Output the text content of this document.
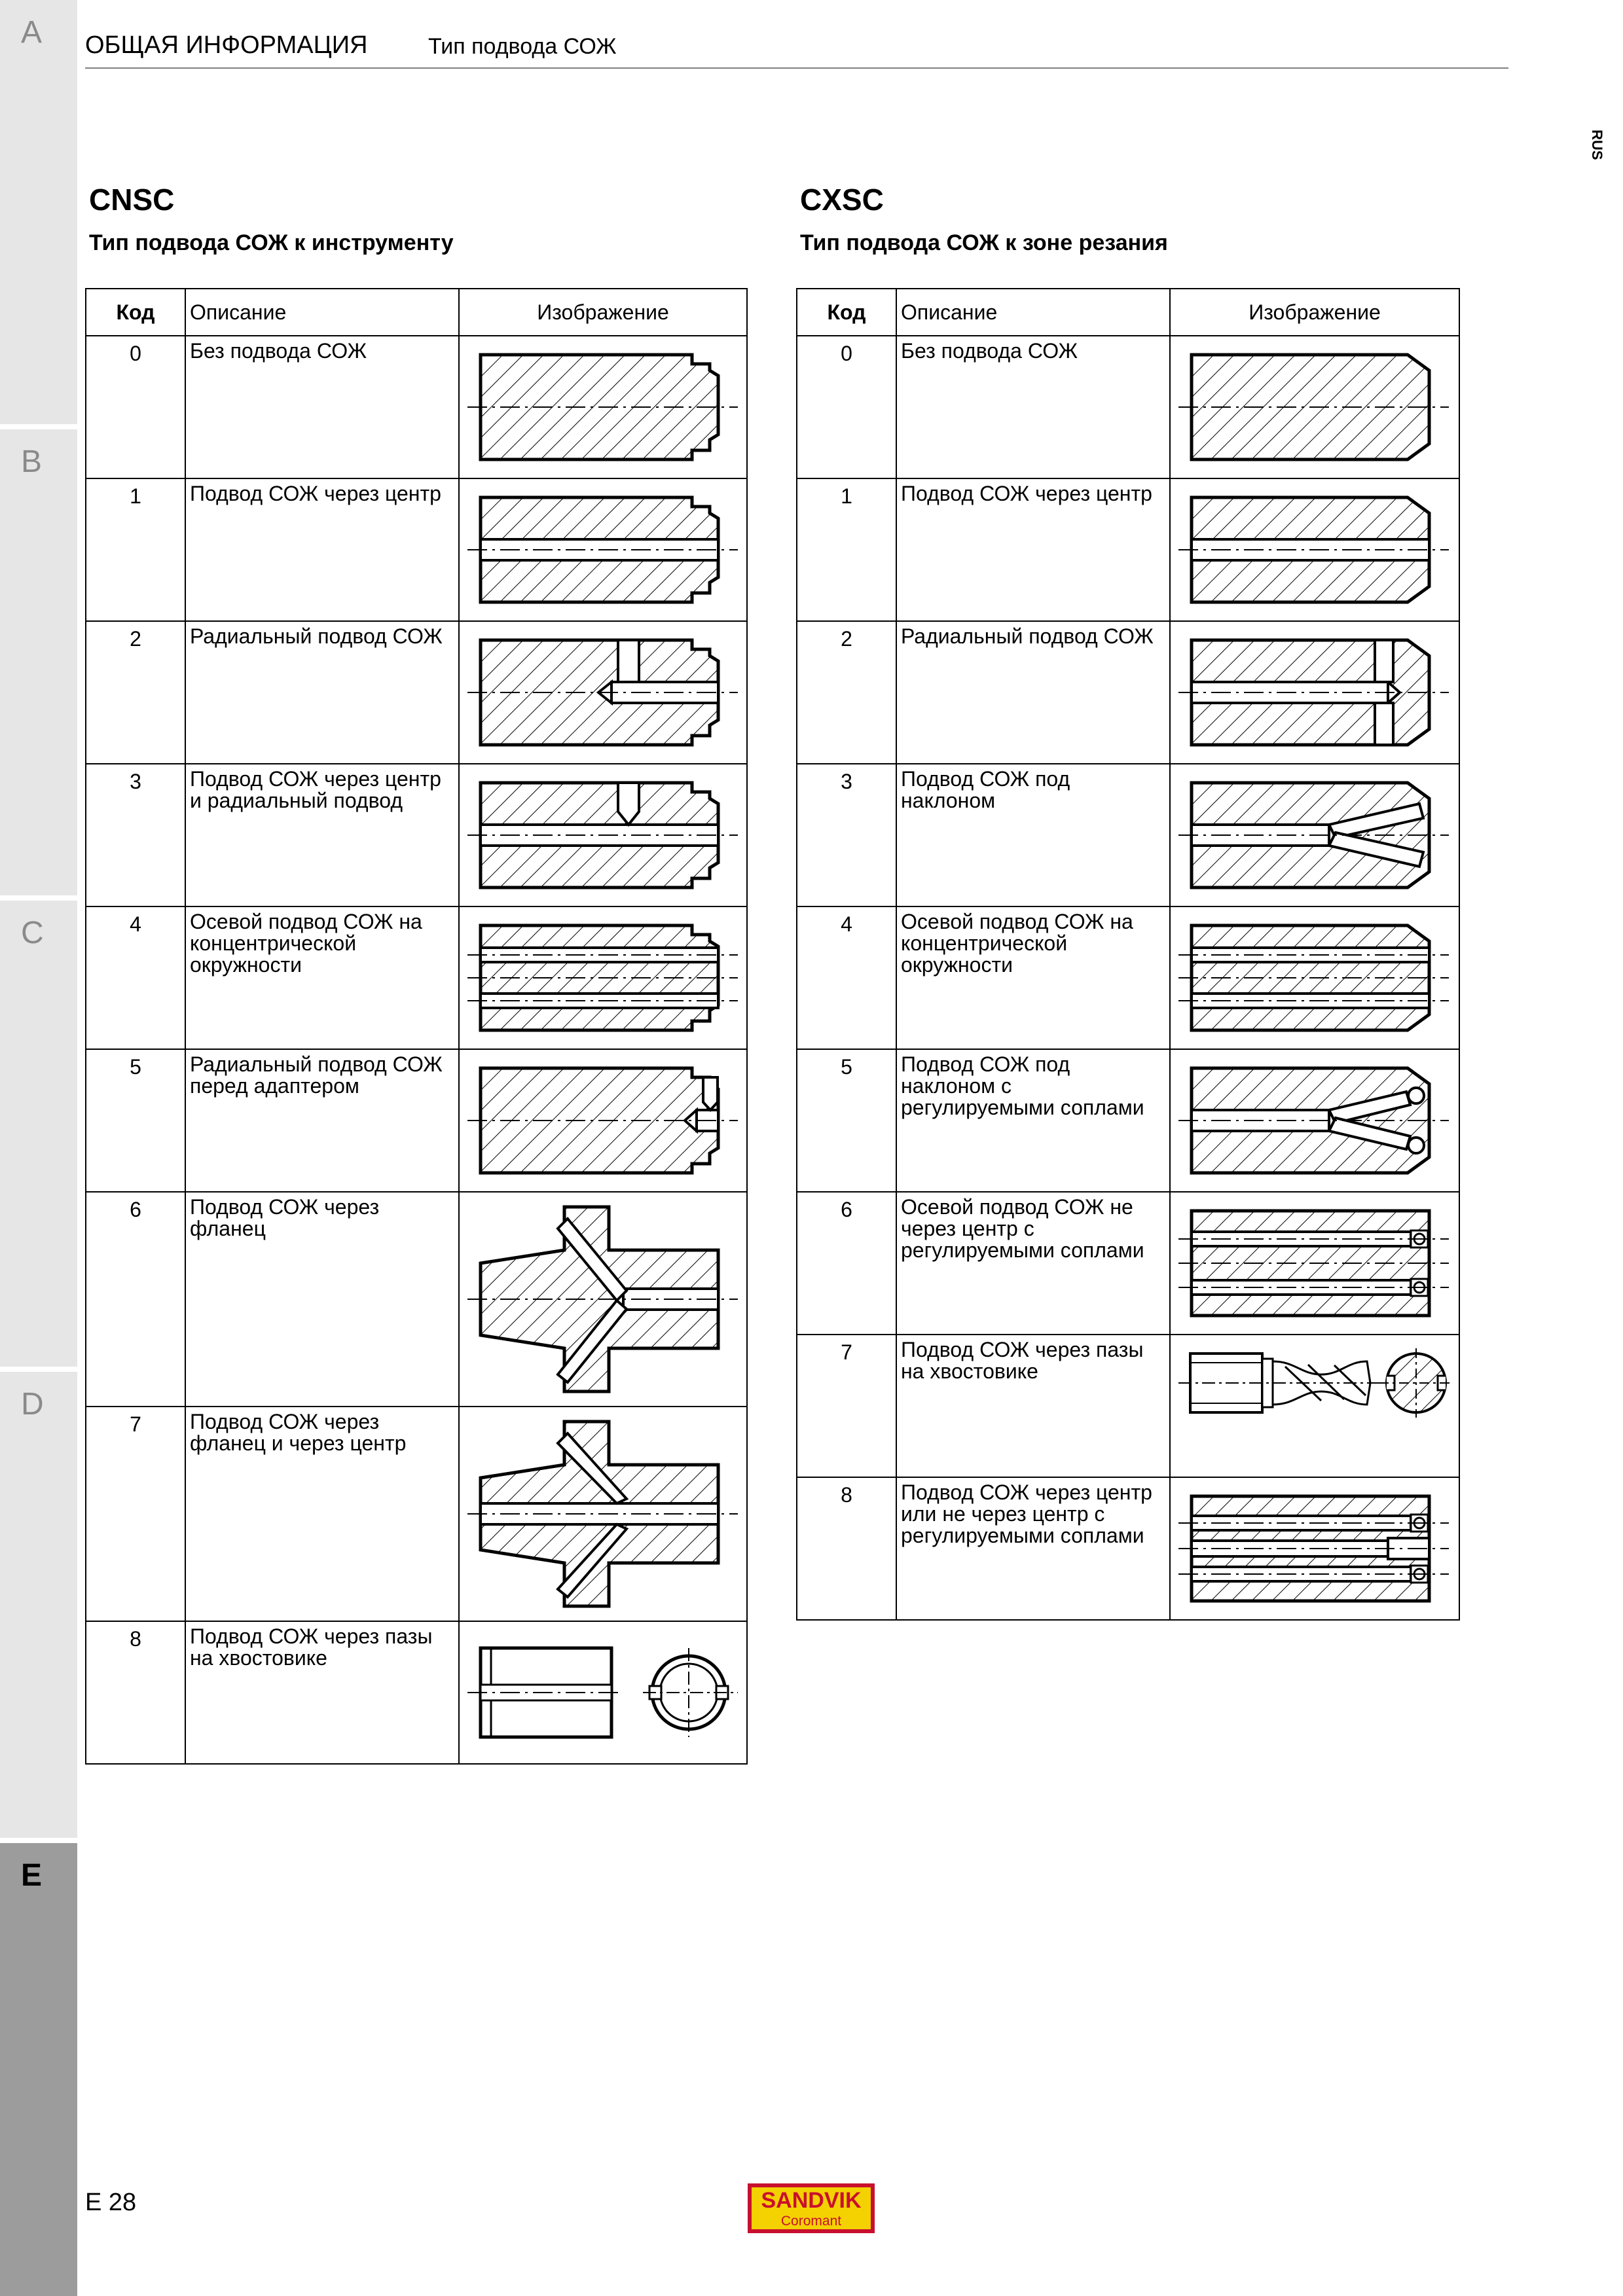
A
B
C
D
E
ОБЩАЯ ИНФОРМАЦИЯ	Тип подвода СОЖ
RUS
CNSC
Тип подвода СОЖ к инструменту
CXSC
Тип подвода СОЖ к зоне резания
Код	Описание	Изображение
0	Без подвода СОЖ	

1	Подвод СОЖ через центр	

2	Радиальный подвод СОЖ	

3	Подвод СОЖ через центр
и радиальный подвод	

4	Осевой подвод СОЖ на
концентрической
окружности	

5	Радиальный подвод СОЖ
перед адаптером	

6	Подвод СОЖ через
фланец	

7	Подвод СОЖ через
фланец и через центр	

8	Подвод СОЖ через пазы
на хвостовике	
Код	Описание	Изображение
0	Без подвода СОЖ	

1	Подвод СОЖ через центр	

2	Радиальный подвод СОЖ	

3	Подвод СОЖ под
наклоном	

4	Осевой подвод СОЖ на
концентрической
окружности	

5	Подвод СОЖ под
наклоном с
регулируемыми соплами	

6	Осевой подвод СОЖ не
через центр с
регулируемыми соплами	

7	Подвод СОЖ через пазы
на хвостовике	

8	Подвод СОЖ через центр
или не через центр с
регулируемыми соплами	
E 28	SANDVIK
Coromant
